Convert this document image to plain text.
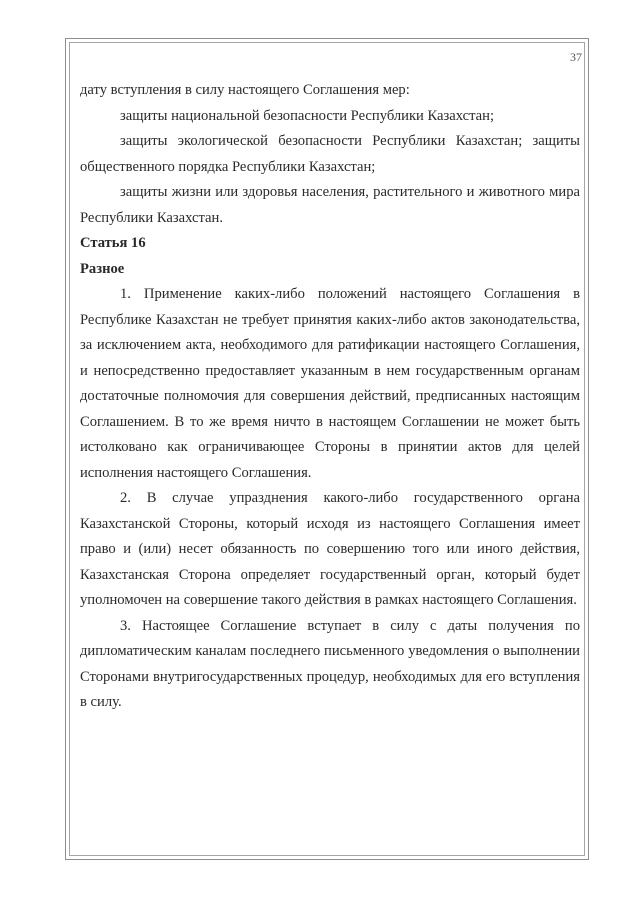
37

дату вступления в силу настоящего Соглашения мер:

защиты национальной безопасности Республики Казахстан;

защиты экологической безопасности Республики Казахстан; защиты общественного порядка Республики Казахстан;

защиты жизни или здоровья населения, растительного и животного мира Республики Казахстан.

Статья 16

Разное

1. Применение каких-либо положений настоящего Соглашения в Республике Казахстан не требует принятия каких-либо актов законодательства, за исключением акта, необходимого для ратификации настоящего Соглашения, и непосредственно предоставляет указанным в нем государственным органам достаточные полномочия для совершения действий, предписанных настоящим Соглашением. В то же время ничто в настоящем Соглашении не может быть истолковано как ограничивающее Стороны в принятии актов для целей исполнения настоящего Соглашения.

2. В случае упразднения какого-либо государственного органа Казахстанской Стороны, который исходя из настоящего Соглашения имеет право и (или) несет обязанность по совершению того или иного действия, Казахстанская Сторона определяет государственный орган, который будет уполномочен на совершение такого действия в рамках настоящего Соглашения.

3. Настоящее Соглашение вступает в силу с даты получения по дипломатическим каналам последнего письменного уведомления о выполнении Сторонами внутригосударственных процедур, необходимых для его вступления в силу.
